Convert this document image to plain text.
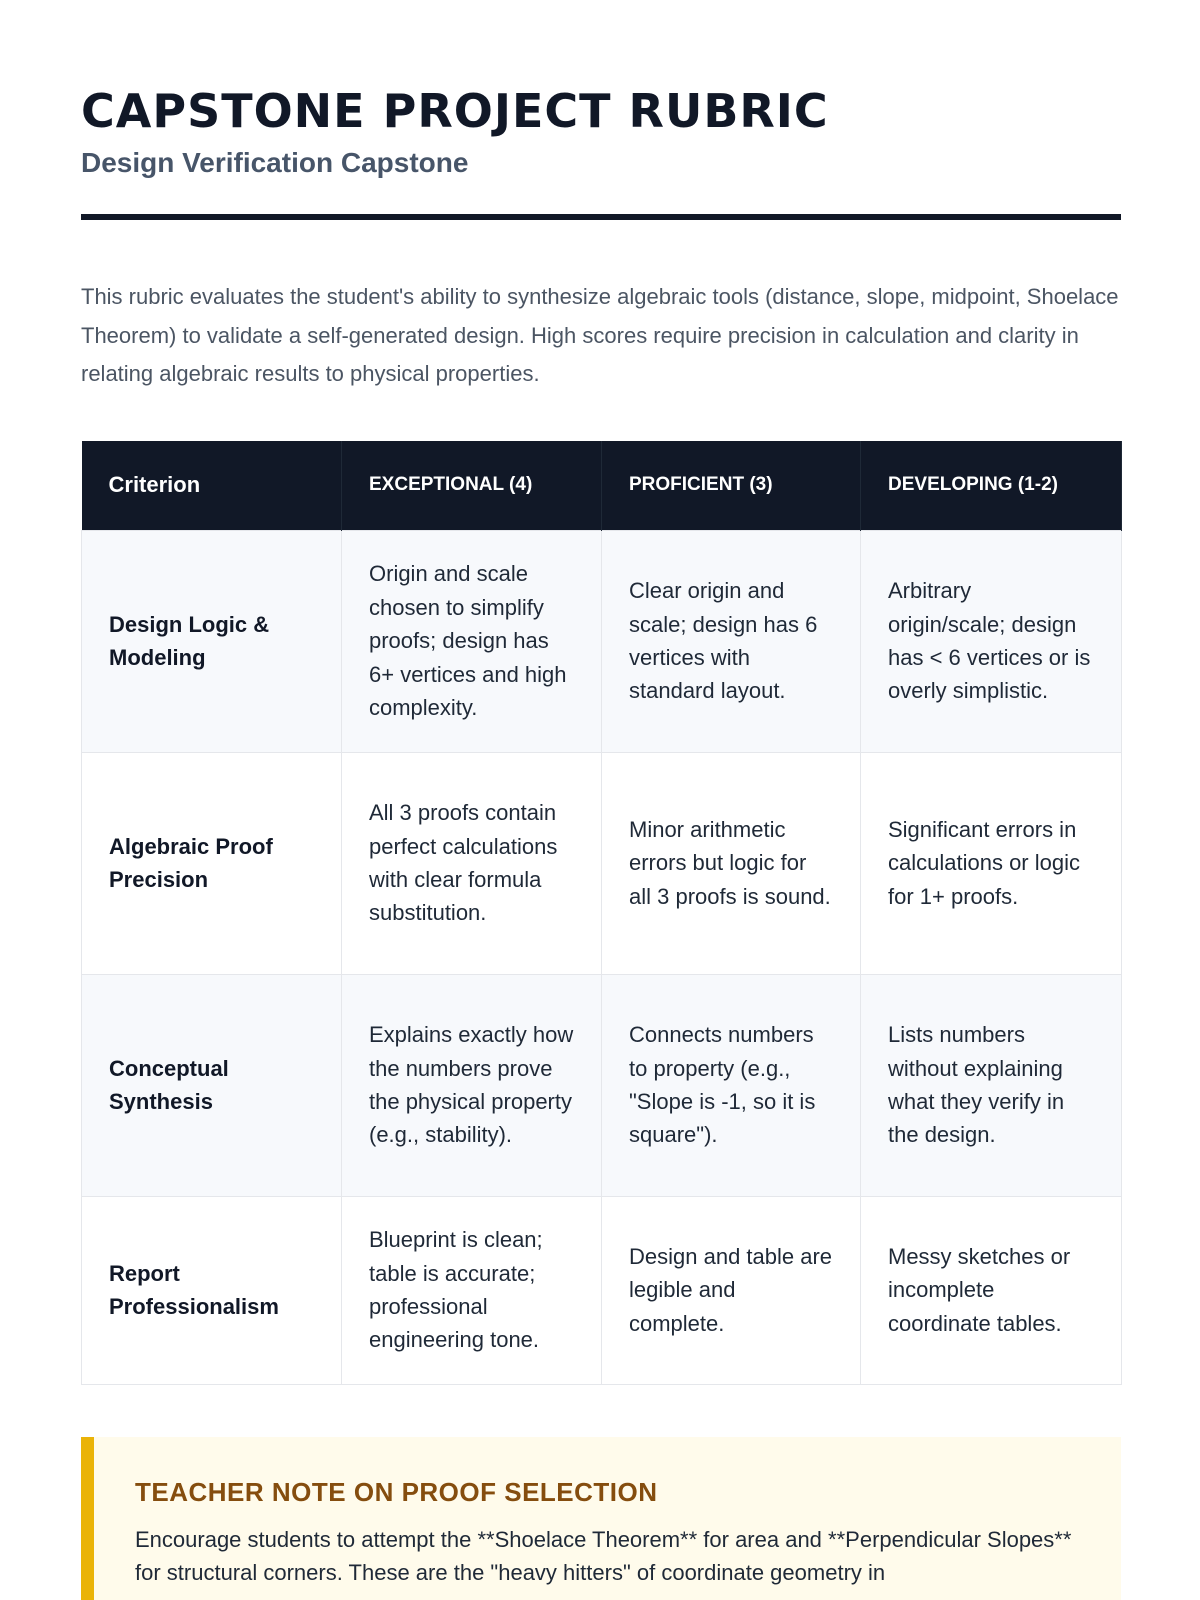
CAPSTONE PROJECT RUBRIC
Design Verification Capstone

This rubric evaluates the student's ability to synthesize algebraic tools (distance, slope, midpoint, Shoelace Theorem) to validate a self-generated design. High scores require precision in calculation and clarity in relating algebraic results to physical properties.

Criterion	EXCEPTIONAL (4)	PROFICIENT (3)	DEVELOPING (1-2)
Design Logic & Modeling	Origin and scale chosen to simplify proofs; design has 6+ vertices and high complexity.	Clear origin and scale; design has 6 vertices with standard layout.	Arbitrary origin/scale; design has < 6 vertices or is overly simplistic.
Algebraic Proof Precision	All 3 proofs contain perfect calculations with clear formula substitution.	Minor arithmetic errors but logic for all 3 proofs is sound.	Significant errors in calculations or logic for 1+ proofs.
Conceptual Synthesis	Explains exactly how the numbers prove the physical property (e.g., stability).	Connects numbers to property (e.g., "Slope is -1, so it is square").	Lists numbers without explaining what they verify in the design.
Report Professionalism	Blueprint is clean; table is accurate; professional engineering tone.	Design and table are legible and complete.	Messy sketches or incomplete coordinate tables.
TEACHER NOTE ON PROOF SELECTION
Encourage students to attempt the **Shoelace Theorem** for area and **Perpendicular Slopes** for structural corners. These are the "heavy hitters" of coordinate geometry in
